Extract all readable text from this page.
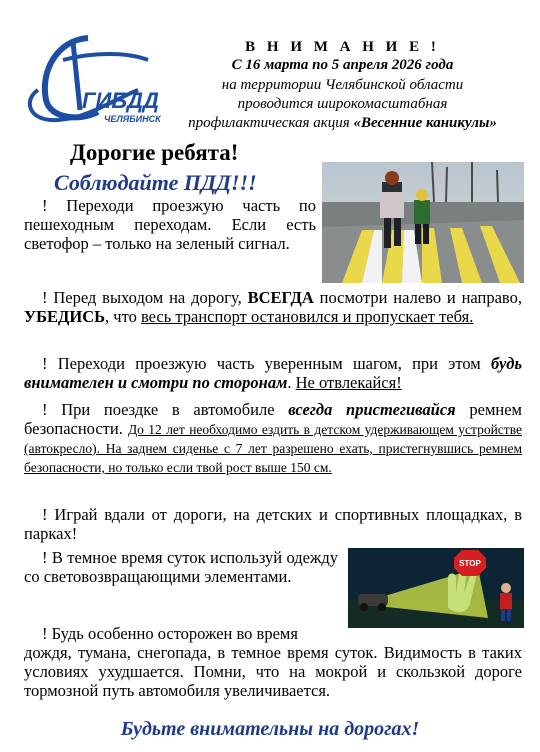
ГИБДД
ЧЕЛЯБИНСК
В Н И М А Н И Е !
С 16 марта по 5 апреля 2026 года
на территории Челябинской области
проводится широкомасштабная
профилактическая акция «Весенние каникулы»
Дорогие ребята!
Соблюдайте ПДД!!!
! Переходи проезжую часть по пешеходным переходам. Если есть светофор – только на зеленый сигнал.
! Перед выходом на дорогу, ВСЕГДА посмотри налево и направо, УБЕДИСЬ, что весь транспорт остановился и пропускает тебя.
! Переходи проезжую часть уверенным шагом, при этом будь внимателен и смотри по сторонам. Не отвлекайся!
! При поездке в автомобиле всегда пристегивайся ремнем безопасности. До 12 лет необходимо ездить в детском удерживающем устройстве (автокресло). На заднем сиденье с 7 лет разрешено ехать, пристегнувшись ремнем безопасности, но только если твой рост выше 150 см.
! Играй вдали от дороги, на детских и спортивных площадках, в парках!
STOP
! В темное время суток используй одежду со световозвращающими элементами.
! Будь особенно осторожен во время
дождя, тумана, снегопада, в темное время суток. Видимость в таких условиях ухудшается. Помни, что на мокрой и скользкой дороге тормозной путь автомобиля увеличивается.
Будьте внимательны на дорогах!
